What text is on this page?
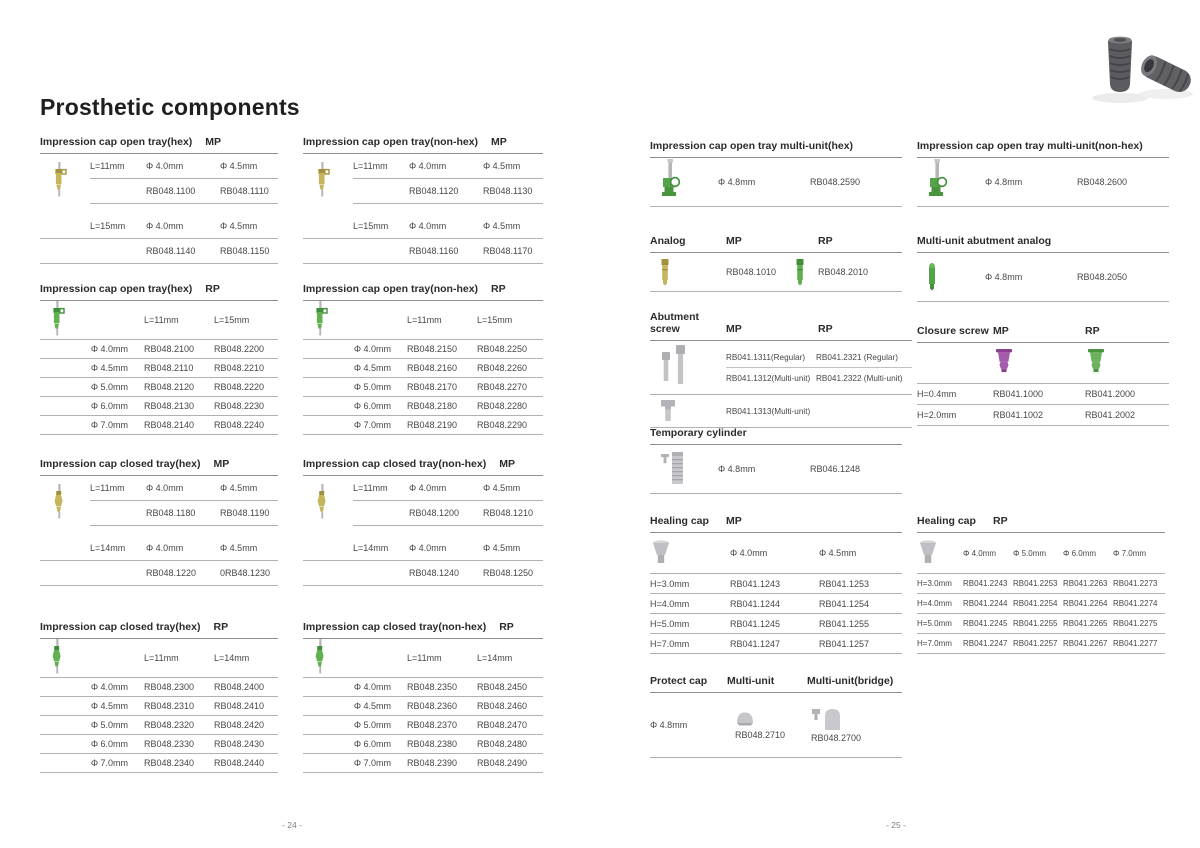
Prosthetic components
Impression cap open tray(hex) MP
L=11mm	Φ 4.0mm	Φ 4.5mm
RB048.1100	RB048.1110
L=15mm	Φ 4.0mm	Φ 4.5mm
RB048.1140	RB048.1150
Impression cap open tray(non-hex) MP
L=11mm	Φ 4.0mm	Φ 4.5mm
RB048.1120	RB048.1130
L=15mm	Φ 4.0mm	Φ 4.5mm
RB048.1160	RB048.1170
Impression cap open tray(hex) RP
L=11mm	L=15mm
Φ 4.0mm	RB048.2100	RB048.2200
Φ 4.5mm	RB048.2110	RB048.2210
Φ 5.0mm	RB048.2120	RB048.2220
Φ 6.0mm	RB048.2130	RB048.2230
Φ 7.0mm	RB048.2140	RB048.2240
Impression cap open tray(non-hex) RP
L=11mm	L=15mm
Φ 4.0mm	RB048.2150	RB048.2250
Φ 4.5mm	RB048.2160	RB048.2260
Φ 5.0mm	RB048.2170	RB048.2270
Φ 6.0mm	RB048.2180	RB048.2280
Φ 7.0mm	RB048.2190	RB048.2290
Impression cap closed tray(hex) MP
L=11mm	Φ 4.0mm	Φ 4.5mm
RB048.1180	RB048.1190
L=14mm	Φ 4.0mm	Φ 4.5mm
RB048.1220	0RB48.1230
Impression cap closed tray(non-hex) MP
L=11mm	Φ 4.0mm	Φ 4.5mm
RB048.1200	RB048.1210
L=14mm	Φ 4.0mm	Φ 4.5mm
RB048.1240	RB048.1250
Impression cap closed tray(hex) RP
L=11mm	L=14mm
Φ 4.0mm	RB048.2300	RB048.2400
Φ 4.5mm	RB048.2310	RB048.2410
Φ 5.0mm	RB048.2320	RB048.2420
Φ 6.0mm	RB048.2330	RB048.2430
Φ 7.0mm	RB048.2340	RB048.2440
Impression cap closed tray(non-hex) RP
L=11mm	L=14mm
Φ 4.0mm	RB048.2350	RB048.2450
Φ 4.5mm	RB048.2360	RB048.2460
Φ 5.0mm	RB048.2370	RB048.2470
Φ 6.0mm	RB048.2380	RB048.2480
Φ 7.0mm	RB048.2390	RB048.2490
Impression cap open tray multi-unit(hex)
Φ 4.8mm	RB048.2590
Impression cap open tray multi-unit(non-hex)
Φ 4.8mm	RB048.2600
Analog	MP	RP
RB048.1010	RB048.2010
Multi-unit abutment analog
Φ 4.8mm	RB048.2050
Abutment screw	MP	RP
RB041.1311(Regular)	RB041.2321 (Regular)
RB041.1312(Multi-unit) RB041.2322 (Multi-unit)
RB041.1313(Multi-unit)
Closure screw MP	RP
H=0.4mm	RB041.1000	RB041.2000
H=2.0mm	RB041.1002	RB041.2002
Temporary cylinder
Φ 4.8mm	RB046.1248
Healing cap	MP
Φ 4.0mm	Φ 4.5mm
H=3.0mm	RB041.1243	RB041.1253
H=4.0mm	RB041.1244	RB041.1254
H=5.0mm	RB041.1245	RB041.1255
H=7.0mm	RB041.1247	RB041.1257
Healing cap	RP
Φ 4.0mm	Φ 5.0mm	Φ 6.0mm	Φ 7.0mm
H=3.0mm	RB041.2243 RB041.2253 RB041.2263 RB041.2273
H=4.0mm	RB041.2244 RB041.2254 RB041.2264 RB041.2274
H=5.0mm	RB041.2245 RB041.2255 RB041.2265 RB041.2275
H=7.0mm	RB041.2247 RB041.2257 RB041.2267 RB041.2277
Protect cap	Multi-unit	Multi-unit(bridge)
Φ 4.8mm
RB048.2710	RB048.2700
- 24 -	- 25 -
